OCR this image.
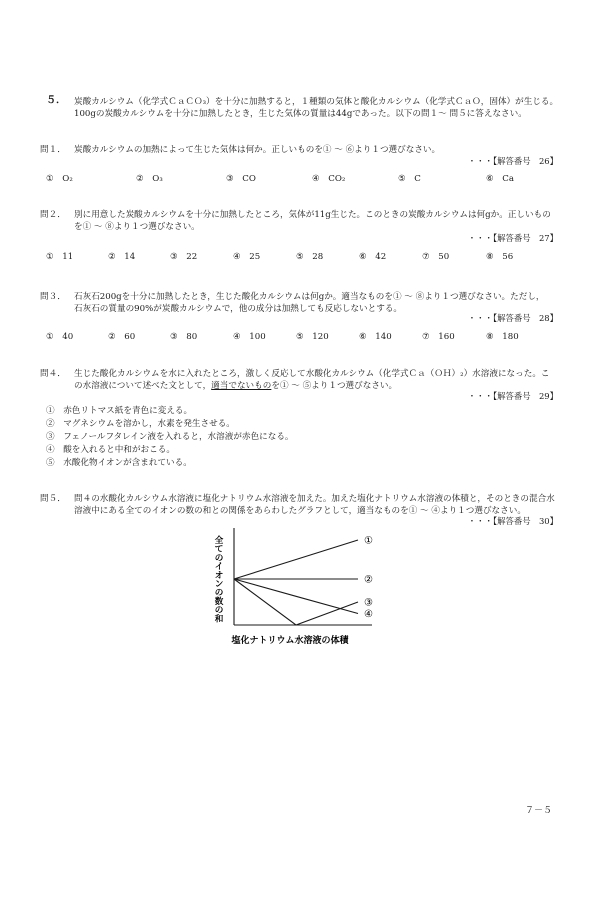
５． 炭酸カルシウム（化学式ＣａＣＯ₃）を十分に加熱すると，１種類の気体と酸化カルシウム（化学式ＣａＯ，固体）が生じる。
100gの炭酸カルシウムを十分に加熱したとき，生じた気体の質量は44gであった。以下の問１～ 問５に答えなさい。
問１． 炭酸カルシウムの加熱によって生じた気体は何か。正しいものを① ～ ⑥より１つ選びなさい。
・・・【解答番号　26】
①　O₂	②　O₃	③　CO	④　CO₂	⑤　C	⑥　Ca
問２． 別に用意した炭酸カルシウムを十分に加熱したところ，気体が11g生じた。このときの炭酸カルシウムは何gか。正しいもの
を① ～ ⑧より１つ選びなさい。
・・・【解答番号　27】
①　11	②　14	③　22	④　25	⑤　28	⑥　42	⑦　50	⑧　56
問３． 石灰石200gを十分に加熱したとき，生じた酸化カルシウムは何gか。適当なものを① ～ ⑧より１つ選びなさい。ただし，
石灰石の質量の90%が炭酸カルシウムで，他の成分は加熱しても反応しないとする。
・・・【解答番号　28】
①　40	②　60	③　80	④　100	⑤　120	⑥　140	⑦　160	⑧　180
問４． 生じた酸化カルシウムを水に入れたところ，激しく反応して水酸化カルシウム（化学式Ｃａ（ＯＨ）₂）水溶液になった。こ
の水溶液について述べた文として，適当でないものを① ～ ⑤より１つ選びなさい。
・・・【解答番号　29】
①　赤色リトマス紙を青色に変える。
②　マグネシウムを溶かし，水素を発生させる。
③　フェノールフタレイン液を入れると，水溶液が赤色になる。
④　酸を入れると中和がおこる。
⑤　水酸化物イオンが含まれている。
問５． 問４の水酸化カルシウム水溶液に塩化ナトリウム水溶液を加えた。加えた塩化ナトリウム水溶液の体積と，そのときの混合水
溶液中にある全てのイオンの数の和との関係をあらわしたグラフとして，適当なものを① ～ ④より１つ選びなさい。
・・・【解答番号　30】
全
て
の
イ
オ
ン
の
数
の
和
①
②
③
④
塩化ナトリウム水溶液の体積
７－５
